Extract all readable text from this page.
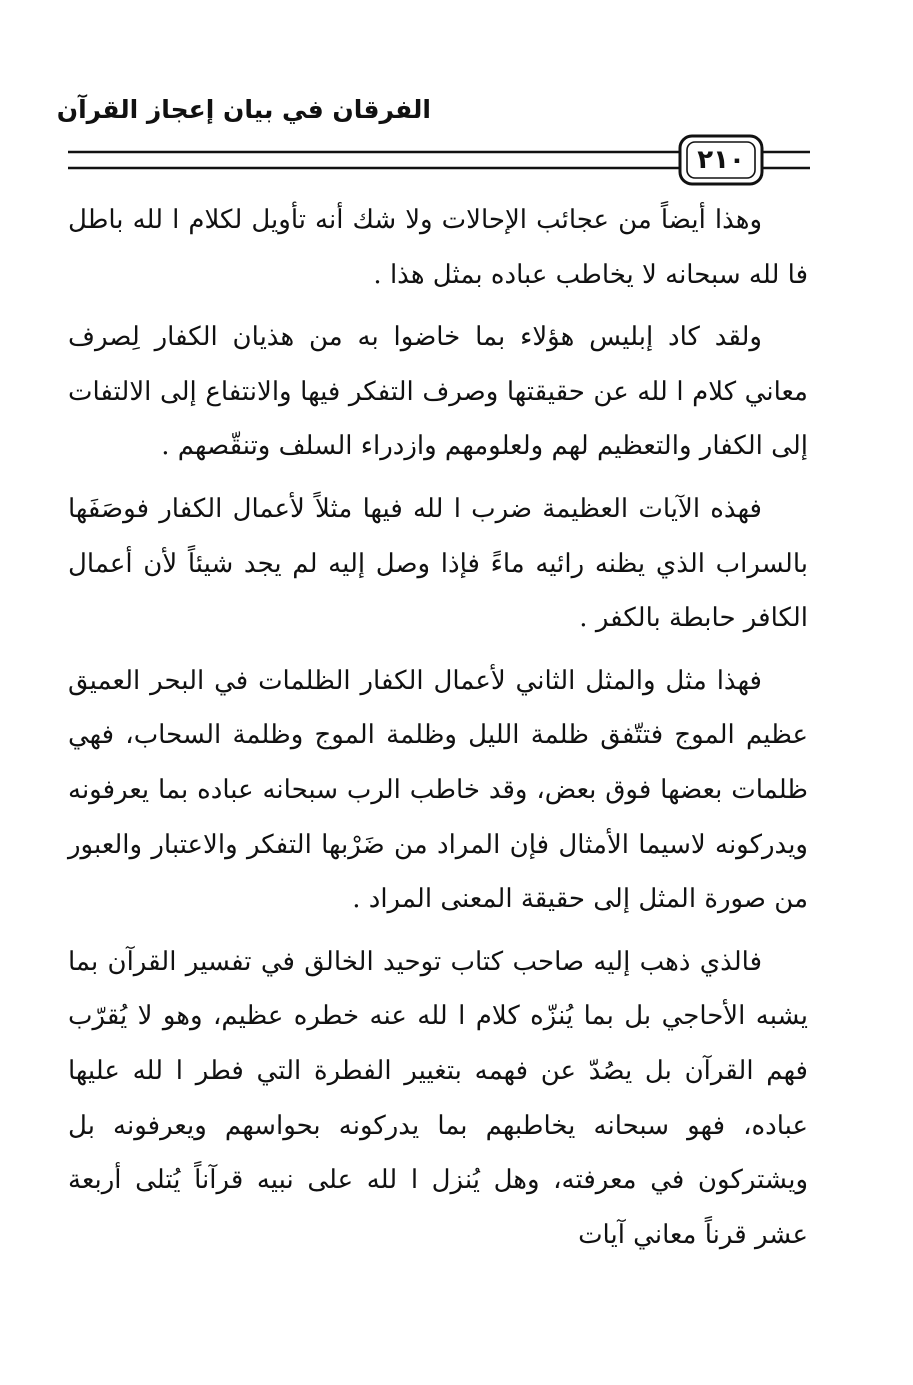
الفرقان في بيان إعجاز القرآن
٢١٠

وهذا أيضاً من عجائب الإحالات ولا شك أنه تأويل لكلام ا لله باطل فا لله سبحانه لا يخاطب عباده بمثل هذا .

ولقد كاد إبليس هؤلاء بما خاضوا به من هذيان الكفار لِصرف معاني كلام ا لله عن حقيقتها وصرف التفكر فيها والانتفاع إلى الالتفات إلى الكفار والتعظيم لهم ولعلومهم وازدراء السلف وتنقّصهم .

فهذه الآيات العظيمة ضرب ا لله فيها مثلاً لأعمال الكفار فوصَفَها بالسراب الذي يظنه رائيه ماءً فإذا وصل إليه لم يجد شيئاً لأن أعمال الكافر حابطة بالكفر .

فهذا مثل والمثل الثاني لأعمال الكفار الظلمات في البحر العميق عظيم الموج فتتّفق ظلمة الليل وظلمة الموج وظلمة السحاب، فهي ظلمات بعضها فوق بعض، وقد خاطب الرب سبحانه عباده بما يعرفونه ويدركونه لاسيما الأمثال فإن المراد من ضَرْبها التفكر والاعتبار والعبور من صورة المثل إلى حقيقة المعنى المراد .

فالذي ذهب إليه صاحب كتاب توحيد الخالق في تفسير القرآن بما يشبه الأحاجي بل بما يُنزّه كلام ا لله عنه خطره عظيم، وهو لا يُقرّب فهم القرآن بل يصُدّ عن فهمه بتغيير الفطرة التي فطر ا لله عليها عباده، فهو سبحانه يخاطبهم بما يدركونه بحواسهم ويعرفونه بل ويشتركون في معرفته، وهل يُنزل ا لله على نبيه قرآناً يُتلى أربعة عشر قرناً معاني آيات
